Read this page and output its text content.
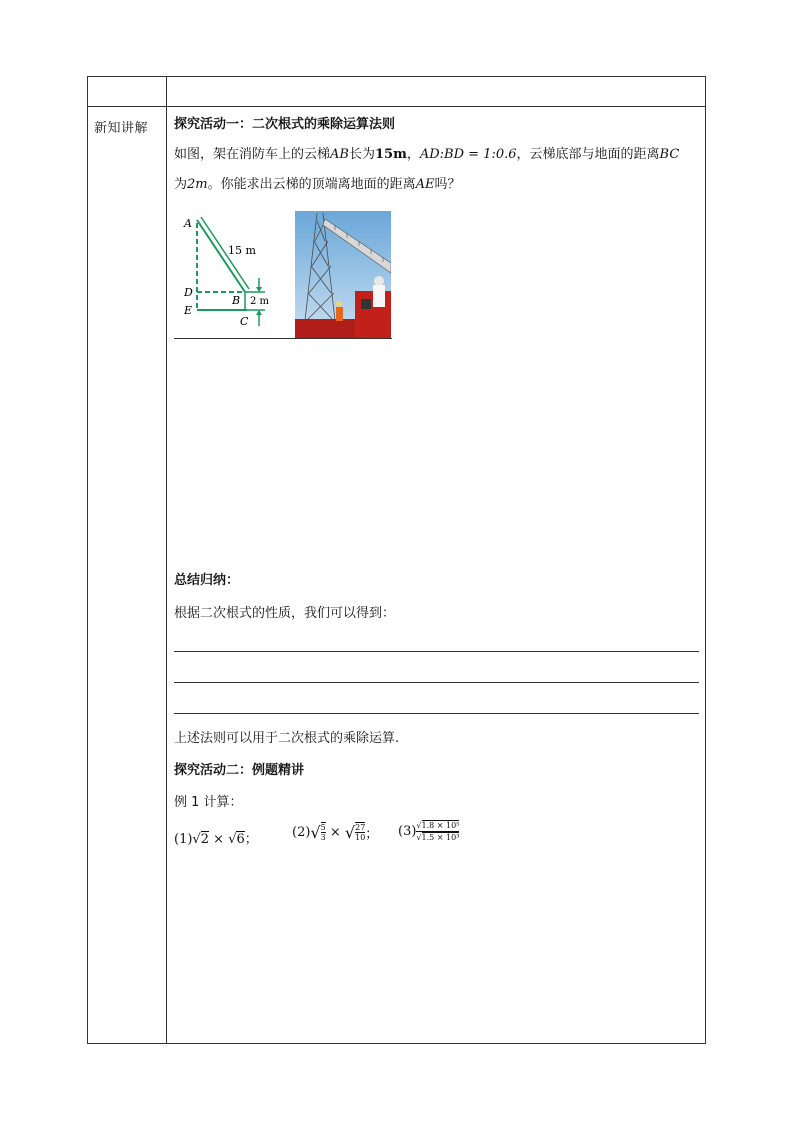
新知讲解 探究活动一：二次根式的乘除运算法则
如图，架在消防车上的云梯AB长为15m，AD:BD = 1:0.6，云梯底部与地面的距离BC
为2m。你能求出云梯的顶端离地面的距离AE吗？
A
D
E
B
C
15 m
2 m
总结归纳：
根据二次根式的性质，我们可以得到：
上述法则可以用于二次根式的乘除运算.
探究活动二：例题精讲
例 1 计算：
(1)√2 × √6；	$(2)√ \frac{5}{3}$ × √ $\frac{27}{10}$ ； $(3) \frac{\text{√1.8 × 10⁵}}{\text{√1.5 × 10³}}$
